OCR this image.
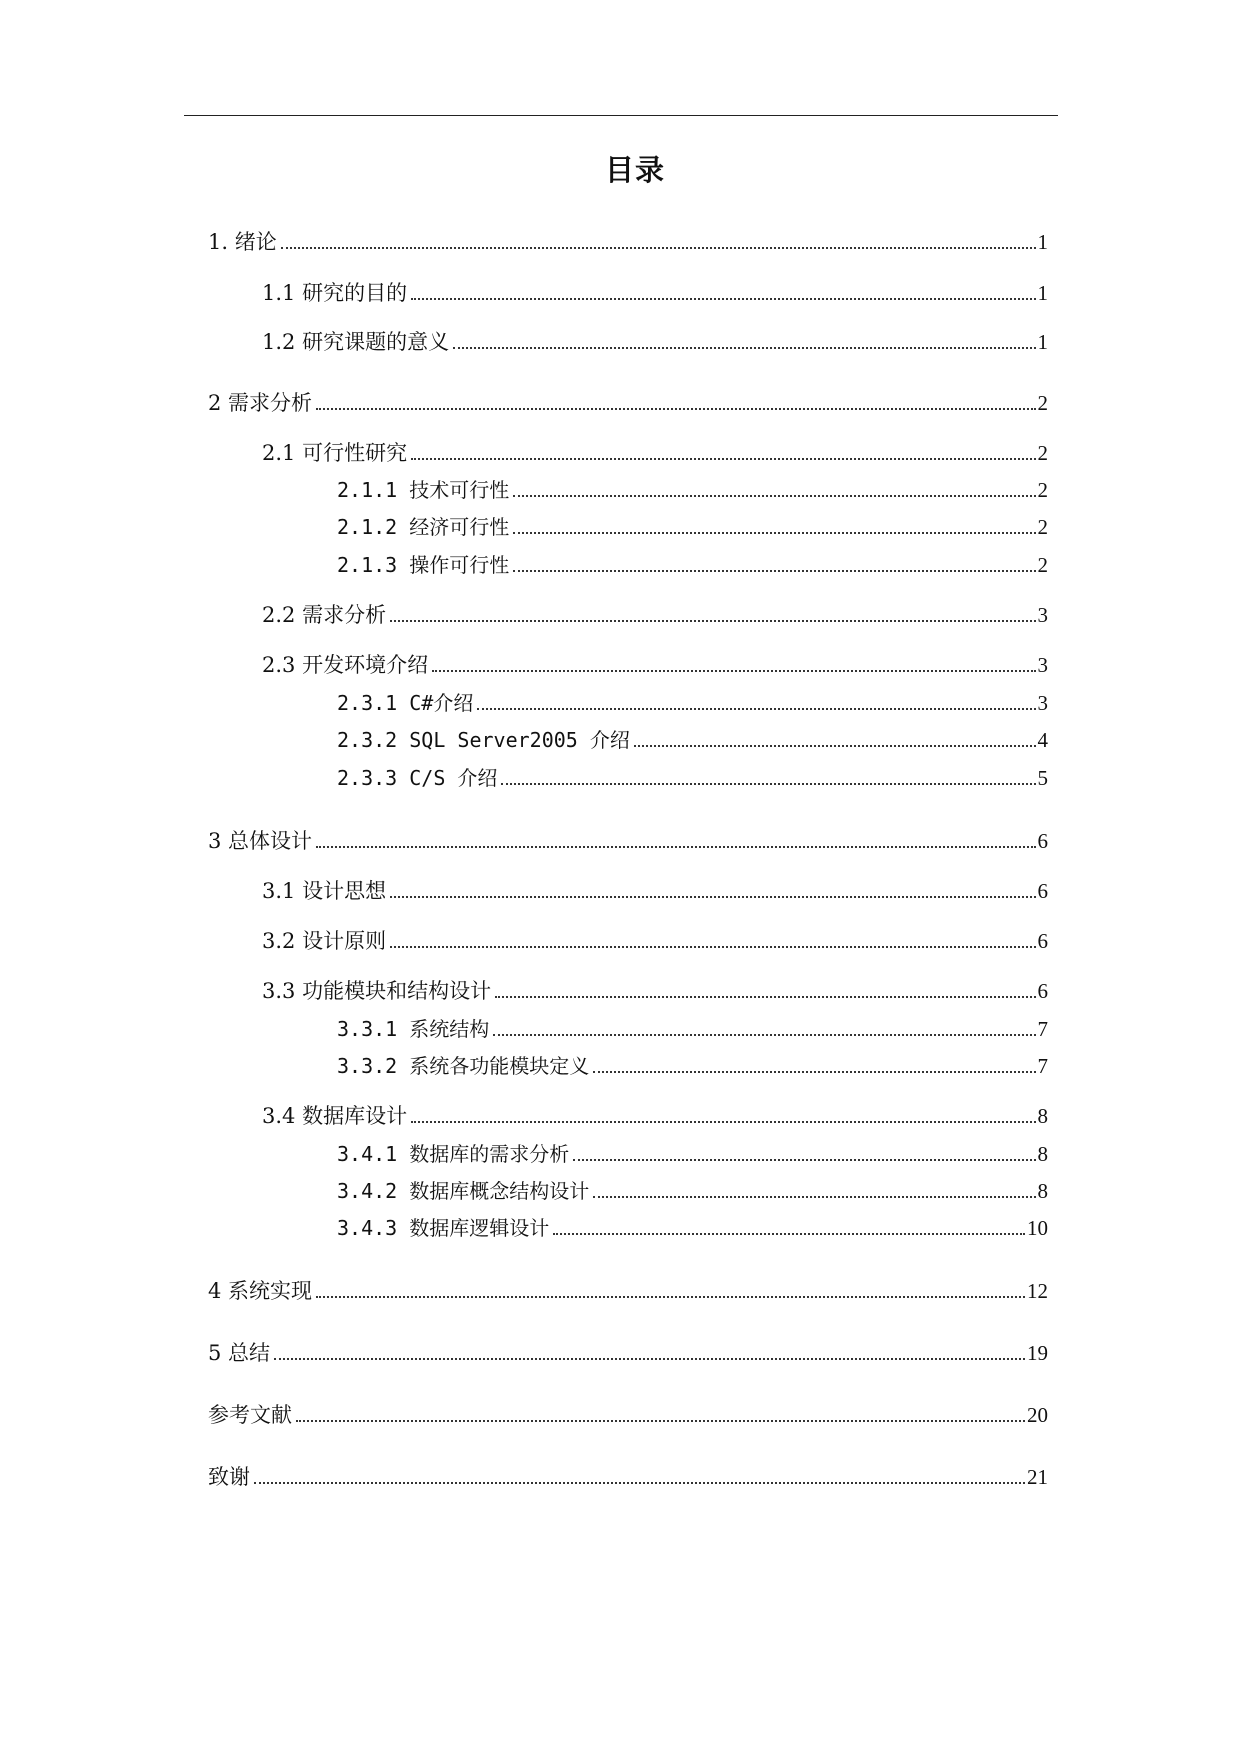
目录
1. 绪论	1
1.1 研究的目的	1
1.2 研究课题的意义	1
2 需求分析	2
2.1 可行性研究	2
2.1.1 技术可行性	2
2.1.2 经济可行性	2
2.1.3 操作可行性	2
2.2 需求分析	3
2.3 开发环境介绍	3
2.3.1 C#介绍	3
2.3.2 SQL Server2005 介绍	4
2.3.3 C/S 介绍	5
3 总体设计	6
3.1 设计思想	6
3.2 设计原则	6
3.3 功能模块和结构设计	6
3.3.1 系统结构	7
3.3.2 系统各功能模块定义	7
3.4 数据库设计	8
3.4.1 数据库的需求分析	8
3.4.2 数据库概念结构设计	8
3.4.3 数据库逻辑设计	10
4 系统实现	12
5 总结	19
参考文献	20
致谢	21
